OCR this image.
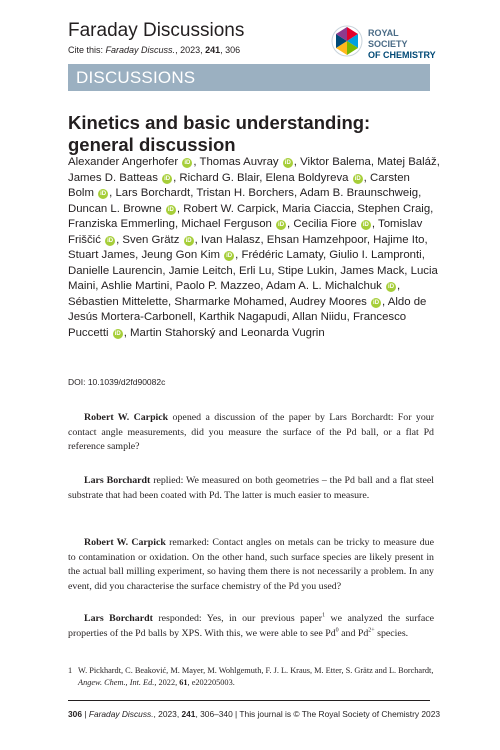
Faraday Discussions
Cite this: Faraday Discuss., 2023, 241, 306
ROYAL SOCIETY
OF CHEMISTRY
DISCUSSIONS
Kinetics and basic understanding: general discussion
Alexander Angerhofer iD , Thomas Auvray iD , Viktor Balema, Matej Baláž, James D. Batteas iD , Richard G. Blair, Elena Boldyreva iD , Carsten Bolm iD , Lars Borchardt, Tristan H. Borchers, Adam B. Braunschweig, Duncan L. Browne iD , Robert W. Carpick, Maria Ciaccia, Stephen Craig, Franziska Emmerling, Michael Ferguson iD , Cecilia Fiore iD , Tomislav Friščić iD , Sven Grätz iD , Ivan Halasz, Ehsan Hamzehpoor, Hajime Ito, Stuart James, Jeung Gon Kim iD , Frédéric Lamaty, Giulio I. Lampronti, Danielle Laurencin, Jamie Leitch, Erli Lu, Stipe Lukin, James Mack, Lucia Maini, Ashlie Martini, Paolo P. Mazzeo, Adam A. L. Michalchuk iD , Sébastien Mittelette, Sharmarke Mohamed, Audrey Moores iD , Aldo de Jesús Mortera-Carbonell, Karthik Nagapudi, Allan Niidu, Francesco Puccetti iD , Martin Stahorský and Leonarda Vugrin
DOI: 10.1039/d2fd90082c
Robert W. Carpick opened a discussion of the paper by Lars Borchardt: For your contact angle measurements, did you measure the surface of the Pd ball, or a flat Pd reference sample?
Lars Borchardt replied: We measured on both geometries – the Pd ball and a flat steel substrate that had been coated with Pd. The latter is much easier to measure.
Robert W. Carpick remarked: Contact angles on metals can be tricky to measure due to contamination or oxidation. On the other hand, such surface species are likely present in the actual ball milling experiment, so having them there is not necessarily a problem. In any event, did you characterise the surface chemistry of the Pd you used?
Lars Borchardt responded: Yes, in our previous paper$^1$ we analyzed the surface properties of the Pd balls by XPS. With this, we were able to see Pd$^0$ and $Pd^{2+}$ species.
1 W. Pickhardt, C. Beaković, M. Mayer, M. Wohlgemuth, F. J. L. Kraus, M. Etter, S. Grätz and L. Borchardt, Angew. Chem., Int. Ed., 2022, 61, e202205003.
306 | Faraday Discuss., 2023, 241, 306–340 | This journal is © The Royal Society of Chemistry 2023
